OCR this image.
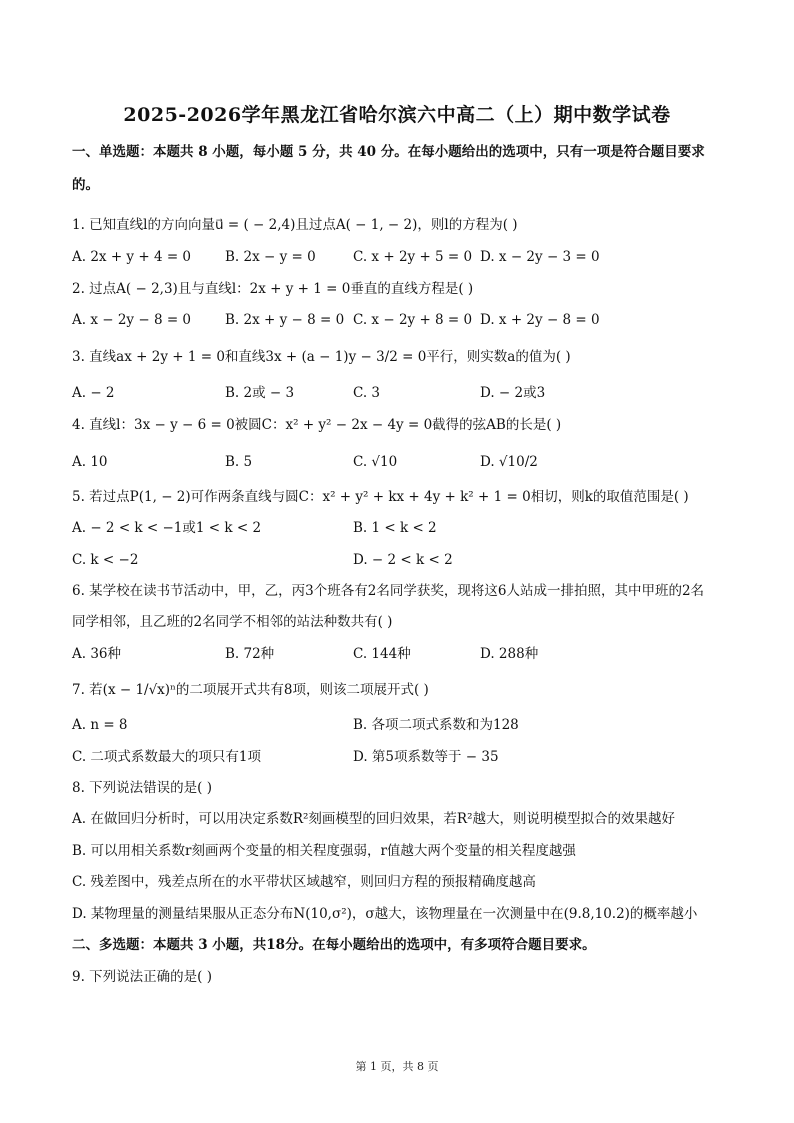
2025-2026学年黑龙江省哈尔滨六中高二（上）期中数学试卷
一、单选题：本题共 8 小题，每小题 5 分，共 40 分。在每小题给出的选项中，只有一项是符合题目要求
的。
1. 已知直线l的方向向量u⃗ = ( − 2,4)且过点A( − 1, − 2)，则l的方程为( )
A. 2x + y + 4 = 0	B. 2x − y = 0	C. x + 2y + 5 = 0 D. x − 2y − 3 = 0
2. 过点A( − 2,3)且与直线l：2x + y + 1 = 0垂直的直线方程是( )
A. x − 2y − 8 = 0	B. 2x + y − 8 = 0 C. x − 2y + 8 = 0 D. x + 2y − 8 = 0
3. 直线ax + 2y + 1 = 0和直线3x + (a − 1)y − 3/2 = 0平行，则实数a的值为( )
A. − 2	B. 2或 − 3	C. 3	D. − 2或3
4. 直线l：3x − y − 6 = 0被圆C：x² + y² − 2x − 4y = 0截得的弦AB的长是( )
A. 10	B. 5	C. √10	D. √10/2
5. 若过点P(1, − 2)可作两条直线与圆C：x² + y² + kx + 4y + k² + 1 = 0相切，则k的取值范围是( )
A. − 2 < k < −1或1 < k < 2	B. 1 < k < 2
C. k < −2	D. − 2 < k < 2
6. 某学校在读书节活动中，甲，乙，丙3个班各有2名同学获奖，现将这6人站成一排拍照，其中甲班的2名
同学相邻，且乙班的2名同学不相邻的站法种数共有( )
A. 36种	B. 72种	C. 144种	D. 288种
7. 若(x − 1/√x)ⁿ的二项展开式共有8项，则该二项展开式( )
A. n = 8	B. 各项二项式系数和为128
C. 二项式系数最大的项只有1项	D. 第5项系数等于 − 35
8. 下列说法错误的是( )
A. 在做回归分析时，可以用决定系数R²刻画模型的回归效果，若R²越大，则说明模型拟合的效果越好
B. 可以用相关系数r刻画两个变量的相关程度强弱，r值越大两个变量的相关程度越强
C. 残差图中，残差点所在的水平带状区域越窄，则回归方程的预报精确度越高
D. 某物理量的测量结果服从正态分布N(10,σ²)，σ越大，该物理量在一次测量中在(9.8,10.2)的概率越小
二、多选题：本题共 3 小题，共18分。在每小题给出的选项中，有多项符合题目要求。
9. 下列说法正确的是( )
第 1 页，共 8 页
